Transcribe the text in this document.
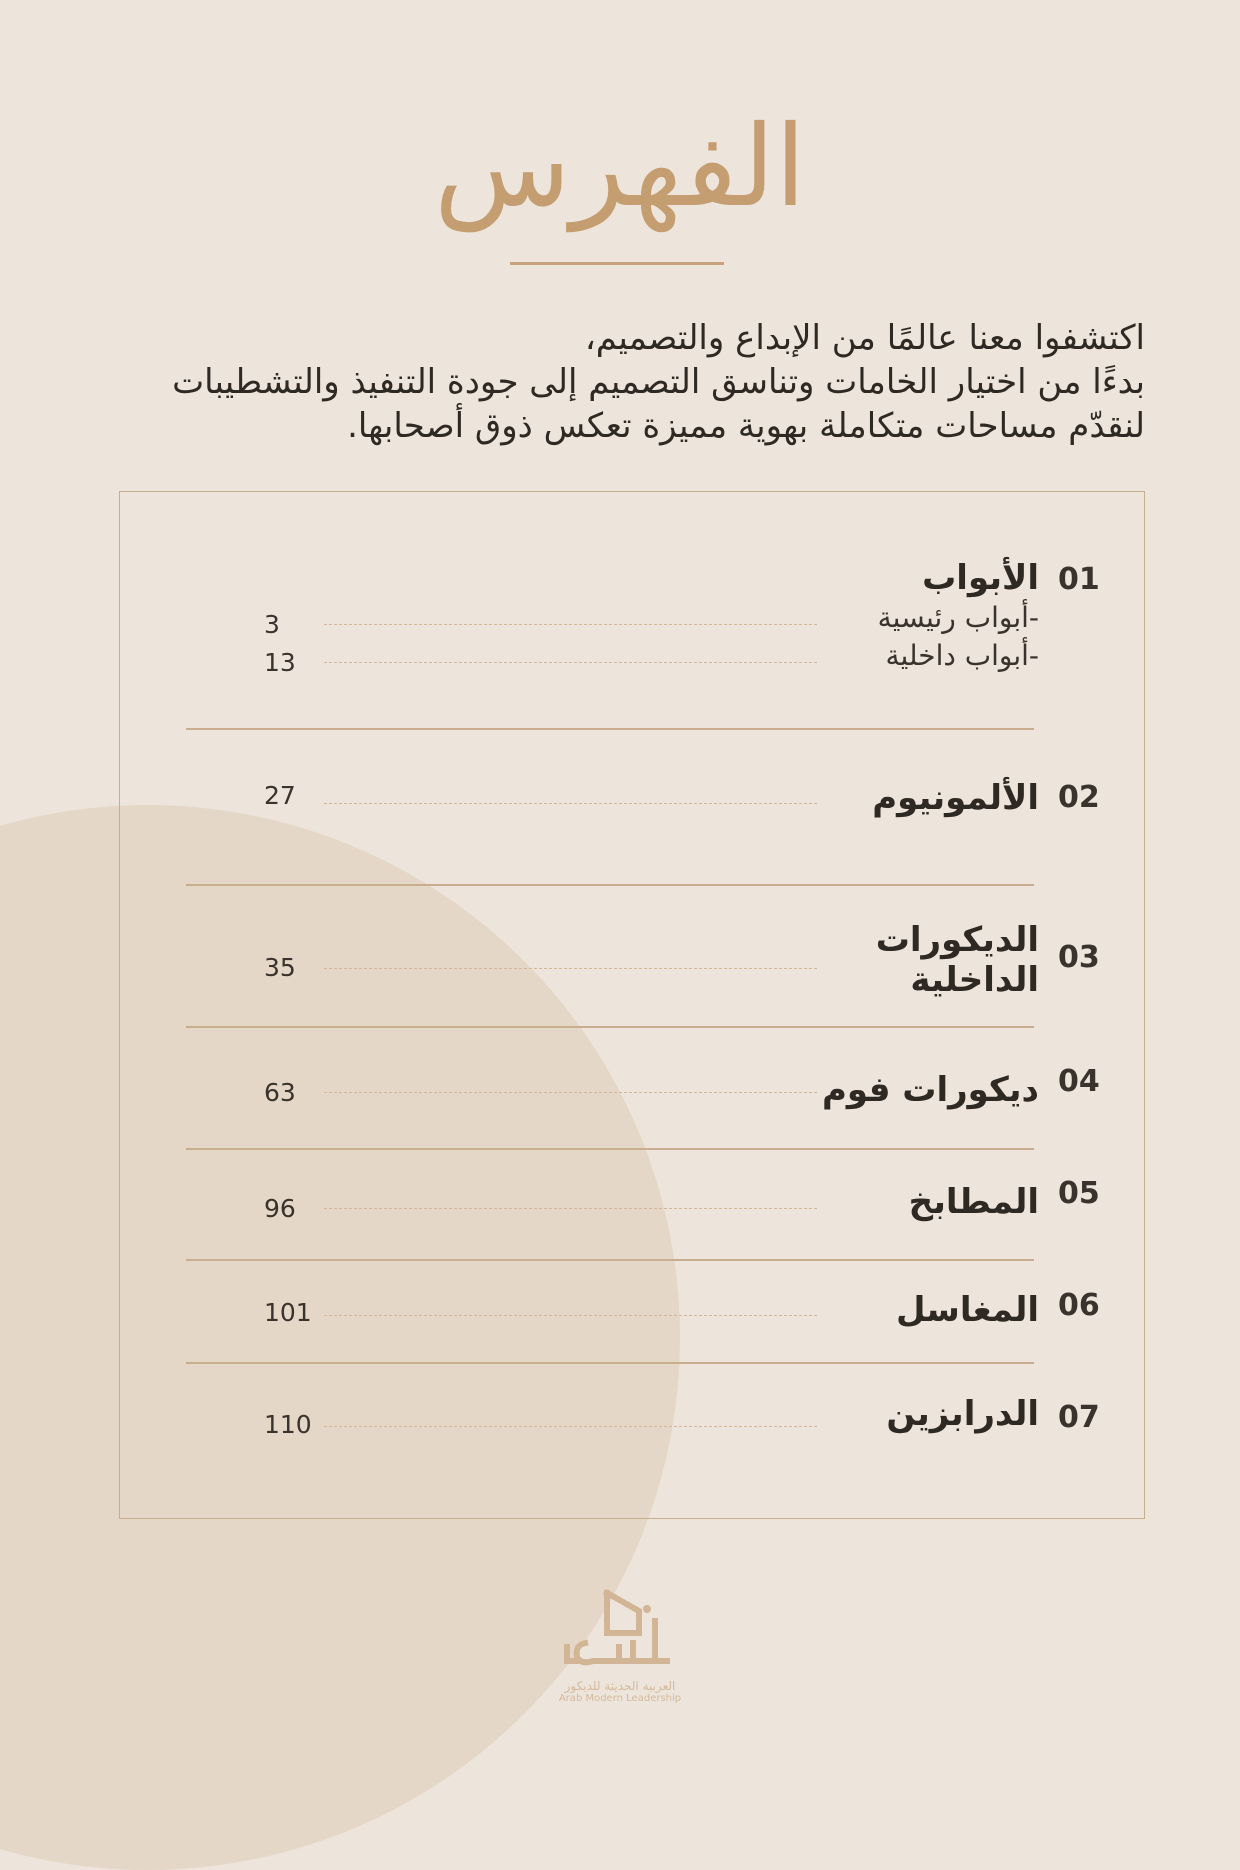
الفهرس
اكتشفوا معنا عالمًا من الإبداع والتصميم،
بدءًا من اختيار الخامات وتناسق التصميم إلى جودة التنفيذ والتشطيبات
لنقدّم مساحات متكاملة بهوية مميزة تعكس ذوق أصحابها.
01
الأبواب
-أبواب رئيسية
3
-أبواب داخلية
13
02
الألمونيوم
27
03
الديكورات
الداخلية
35
04
ديكورات فوم
63
05
المطابخ
96
06
المغاسل
101
07
الدرابزين
110
العربية الحديثة للديكور
Arab Modern Leadership
